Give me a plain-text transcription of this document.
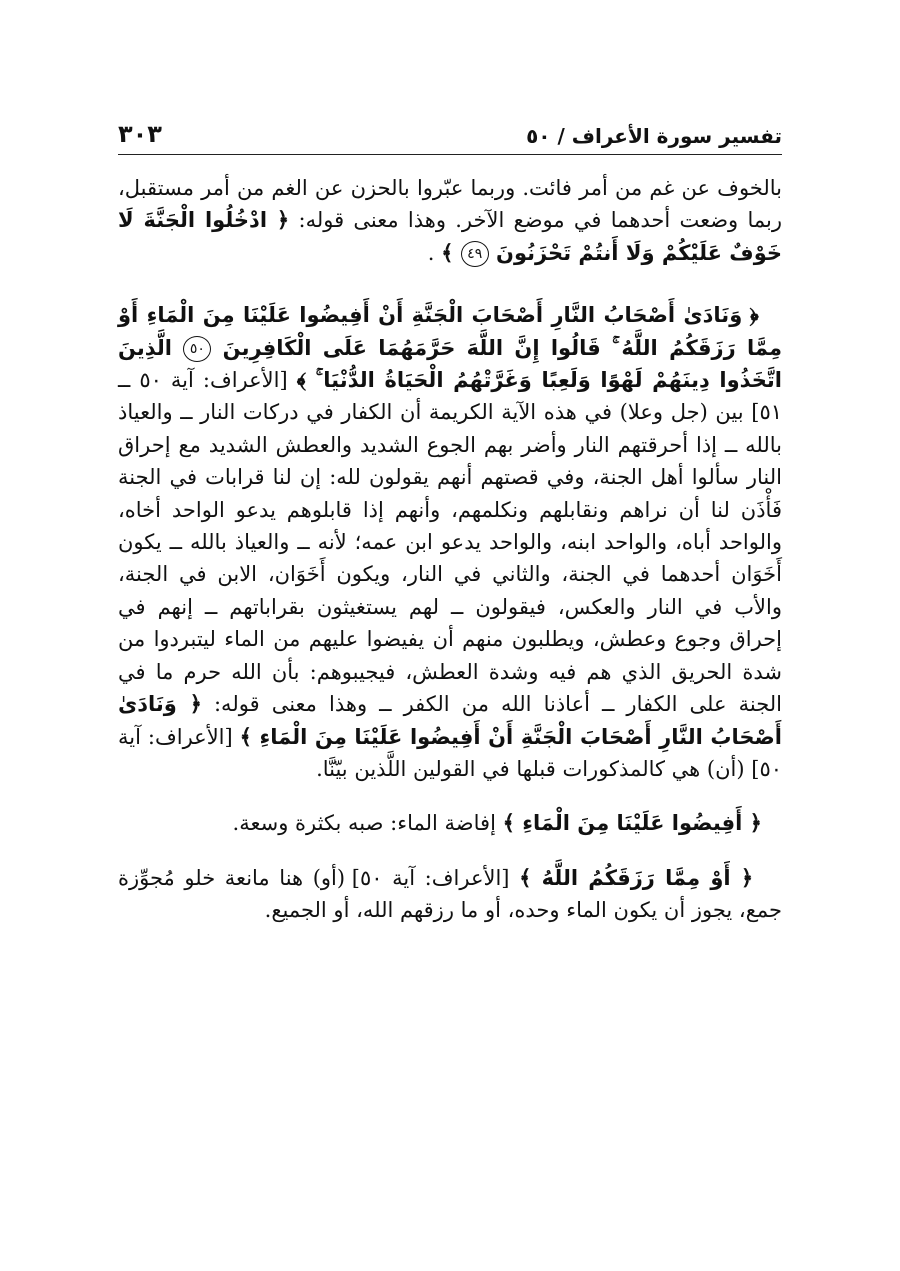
تفسير سورة الأعراف / ٥٠
٣٠٣

بالخوف عن غم من أمر فائت. وربما عبّروا بالحزن عن الغم من أمر مستقبل، ربما وضعت أحدهما في موضع الآخر. وهذا معنى قوله: ﴿ ادْخُلُوا الْجَنَّةَ لَا خَوْفٌ عَلَيْكُمْ وَلَا أَنتُمْ تَحْزَنُونَ ٤٩ ﴾ .

﴿ وَنَادَىٰ أَصْحَابُ النَّارِ أَصْحَابَ الْجَنَّةِ أَنْ أَفِيضُوا عَلَيْنَا مِنَ الْمَاءِ أَوْ مِمَّا رَزَقَكُمُ اللَّهُ ۚ قَالُوا إِنَّ اللَّهَ حَرَّمَهُمَا عَلَى الْكَافِرِينَ ٥٠ الَّذِينَ اتَّخَذُوا دِينَهُمْ لَهْوًا وَلَعِبًا وَغَرَّتْهُمُ الْحَيَاةُ الدُّنْيَا ۚ ﴾ [الأعراف: آية ٥٠ ــ ٥١] بين (جل وعلا) في هذه الآية الكريمة أن الكفار في دركات النار ــ والعياذ بالله ــ إذا أحرقتهم النار وأضر بهم الجوع الشديد والعطش الشديد مع إحراق النار سألوا أهل الجنة، وفي قصتهم أنهم يقولون لله: إن لنا قرابات في الجنة فَأْذَن لنا أن نراهم ونقابلهم ونكلمهم، وأنهم إذا قابلوهم يدعو الواحد أخاه، والواحد أباه، والواحد ابنه، والواحد يدعو ابن عمه؛ لأنه ــ والعياذ بالله ــ يكون أَخَوَان أحدهما في الجنة، والثاني في النار، ويكون أَخَوَان، الابن في الجنة، والأب في النار والعكس، فيقولون ــ لهم يستغيثون بقراباتهم ــ إنهم في إحراق وجوع وعطش، ويطلبون منهم أن يفيضوا عليهم من الماء ليتبردوا من شدة الحريق الذي هم فيه وشدة العطش، فيجيبوهم: بأن الله حرم ما في الجنة على الكفار ــ أعاذنا الله من الكفر ــ وهذا معنى قوله: ﴿ وَنَادَىٰ أَصْحَابُ النَّارِ أَصْحَابَ الْجَنَّةِ أَنْ أَفِيضُوا عَلَيْنَا مِنَ الْمَاءِ ﴾ [الأعراف: آية ٥٠] (أن) هي كالمذكورات قبلها في القولين اللَّذين بيّنَّا.

﴿ أَفِيضُوا عَلَيْنَا مِنَ الْمَاءِ ﴾ إفاضة الماء: صبه بكثرة وسعة.

﴿ أَوْ مِمَّا رَزَقَكُمُ اللَّهُ ﴾ [الأعراف: آية ٥٠] (أو) هنا مانعة خلو مُجوِّزة جمع، يجوز أن يكون الماء وحده، أو ما رزقهم الله، أو الجميع.
